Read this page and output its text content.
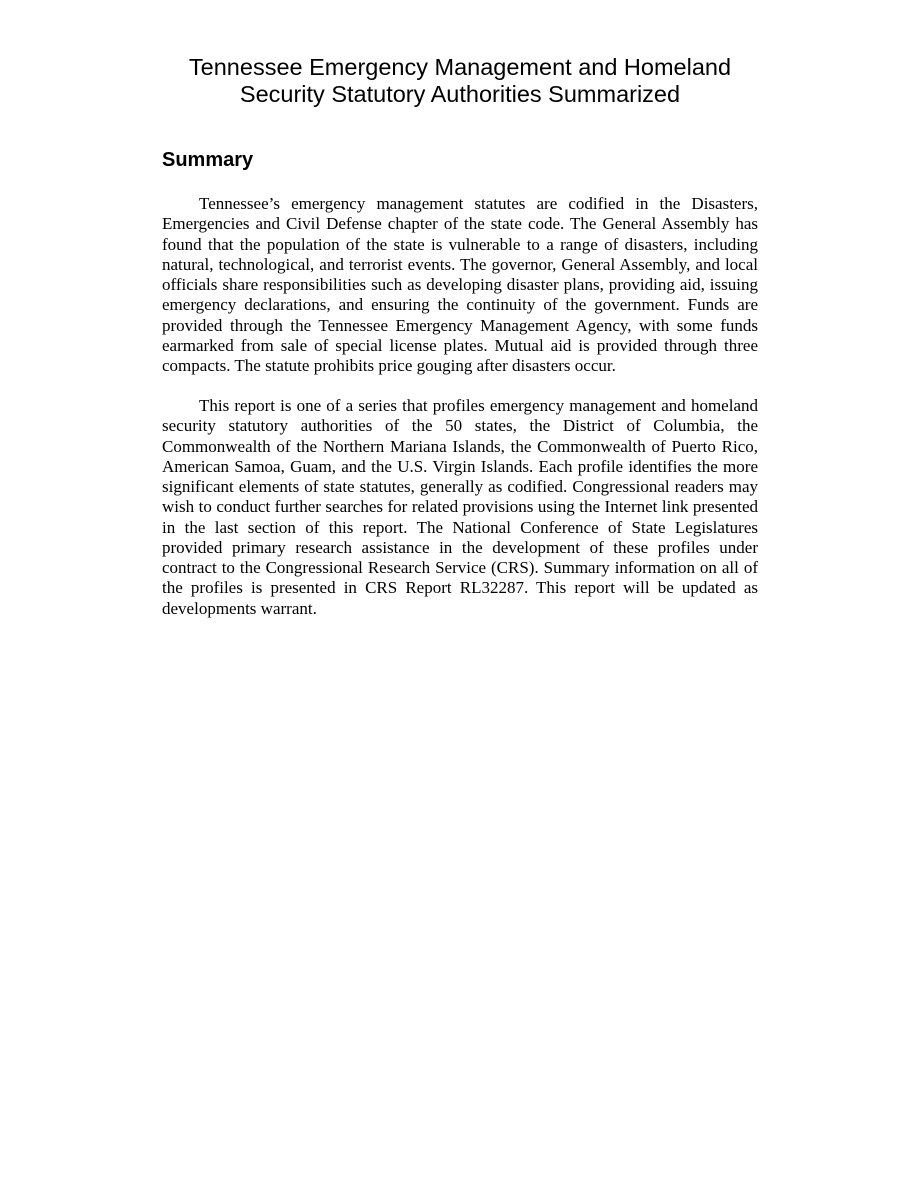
Tennessee Emergency Management and Homeland
Security Statutory Authorities Summarized
Summary

Tennessee’s emergency management statutes are codified in the Disasters, Emergencies and Civil Defense chapter of the state code. The General Assembly has found that the population of the state is vulnerable to a range of disasters, including natural, technological, and terrorist events. The governor, General Assembly, and local officials share responsibilities such as developing disaster plans, providing aid, issuing emergency declarations, and ensuring the continuity of the government. Funds are provided through the Tennessee Emergency Management Agency, with some funds earmarked from sale of special license plates. Mutual aid is provided through three compacts. The statute prohibits price gouging after disasters occur.

This report is one of a series that profiles emergency management and homeland security statutory authorities of the 50 states, the District of Columbia, the Commonwealth of the Northern Mariana Islands, the Commonwealth of Puerto Rico, American Samoa, Guam, and the U.S. Virgin Islands. Each profile identifies the more significant elements of state statutes, generally as codified. Congressional readers may wish to conduct further searches for related provisions using the Internet link presented in the last section of this report. The National Conference of State Legislatures provided primary research assistance in the development of these profiles under contract to the Congressional Research Service (CRS). Summary information on all of the profiles is presented in CRS Report RL32287. This report will be updated as developments warrant.
